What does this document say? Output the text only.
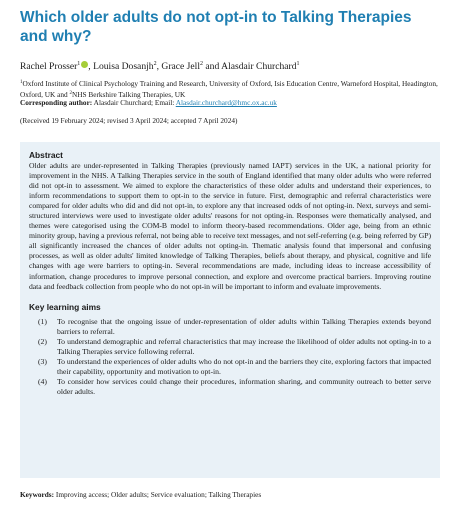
Which older adults do not opt-in to Talking Therapies and why?
Rachel Prosser$^1$ , Louisa Dosanjh$^2$, Grace Jell$^2$ and Alasdair Churchard$^1$
$^1$Oxford Institute of Clinical Psychology Training and Research, University of Oxford, Isis Education Centre, Warneford Hospital, Headington, Oxford, UK and $^2$NHS Berkshire Talking Therapies, UK
Corresponding author: Alasdair Churchard; Email: Alasdair.churchard@hmc.ox.ac.uk
(Received 19 February 2024; revised 3 April 2024; accepted 7 April 2024)
Abstract

Older adults are under-represented in Talking Therapies (previously named IAPT) services in the UK, a national priority for improvement in the NHS. A Talking Therapies service in the south of England identified that many older adults who were referred did not opt-in to assessment. We aimed to explore the characteristics of these older adults and understand their experiences, to inform recommendations to support them to opt-in to the service in future. First, demographic and referral characteristics were compared for older adults who did and did not opt-in, to explore any that increased odds of not opting-in. Next, surveys and semi-structured interviews were used to investigate older adults' reasons for not opting-in. Responses were thematically analysed, and themes were categorised using the COM-B model to inform theory-based recommendations. Older age, being from an ethnic minority group, having a previous referral, not being able to receive text messages, and not self-referring (e.g. being referred by GP) all significantly increased the chances of older adults not opting-in. Thematic analysis found that impersonal and confusing processes, as well as older adults' limited knowledge of Talking Therapies, beliefs about therapy, and physical, cognitive and life changes with age were barriers to opting-in. Several recommendations are made, including ideas to increase accessibility of information, change procedures to improve personal connection, and explore and overcome practical barriers. Improving routine data and feedback collection from people who do not opt-in will be important to inform and evaluate improvements.

Key learning aims
(1) To recognise that the ongoing issue of under-representation of older adults within Talking Therapies extends beyond barriers to referral.
(2) To understand demographic and referral characteristics that may increase the likelihood of older adults not opting-in to a Talking Therapies service following referral.
(3) To understand the experiences of older adults who do not opt-in and the barriers they cite, exploring factors that impacted their capability, opportunity and motivation to opt-in.
(4) To consider how services could change their procedures, information sharing, and community outreach to better serve older adults.
Keywords: Improving access; Older adults; Service evaluation; Talking Therapies
